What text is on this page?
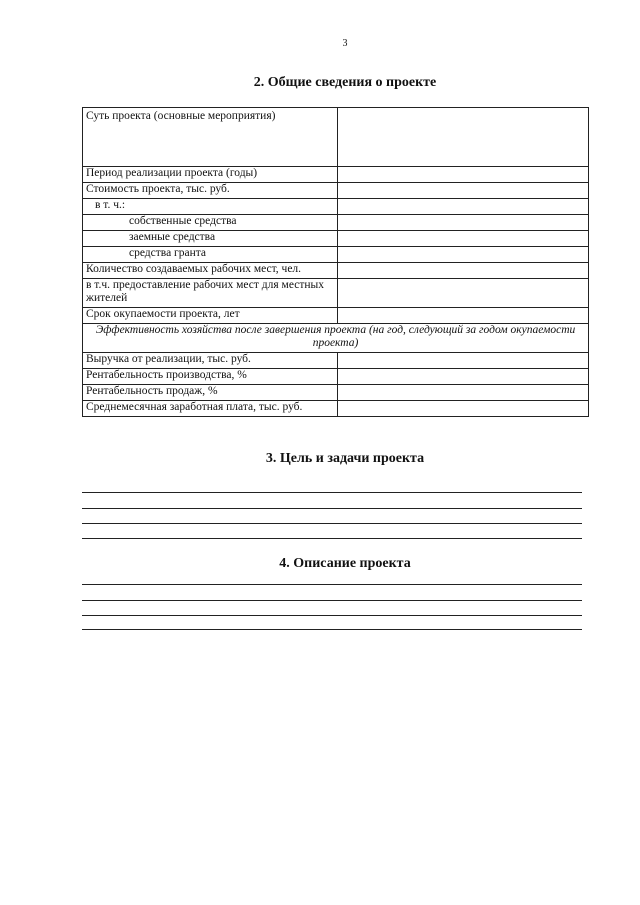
3
2. Общие сведения о проекте
Суть проекта (основные мероприятия)	
Период реализации проекта (годы)	
Стоимость проекта, тыс. руб.	
в т. ч.:	
собственные средства	
заемные средства	
средства гранта	
Количество создаваемых рабочих мест, чел.	
в т.ч. предоставление рабочих мест для местных жителей	
Срок окупаемости проекта, лет	
Эффективность хозяйства после завершения проекта (на год, следующий за годом окупаемости проекта)	
Выручка от реализации, тыс. руб.	
Рентабельность производства, %	
Рентабельность продаж, %	
Среднемесячная заработная плата, тыс. руб.	
3. Цель и задачи проекта
4. Описание проекта
